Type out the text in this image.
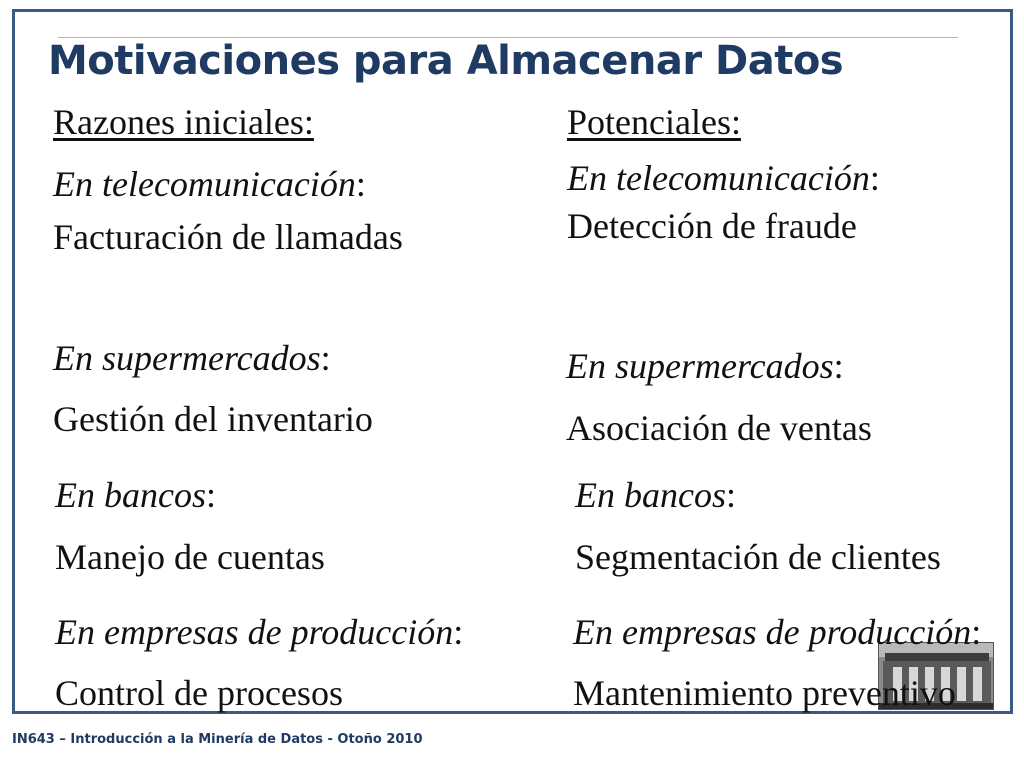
Motivaciones para Almacenar Datos
Razones iniciales:
En telecomunicación:
Facturación de llamadas
En supermercados:
Gestión del inventario
En bancos:
Manejo de cuentas
En empresas de producción:
Control de procesos
Potenciales:
En telecomunicación:
Detección de fraude
En supermercados:
Asociación de ventas
En bancos:
Segmentación de clientes
En empresas de producción:
Mantenimiento preventivo
IN643 – Introducción a la Minería de Datos - Otoño 2010
